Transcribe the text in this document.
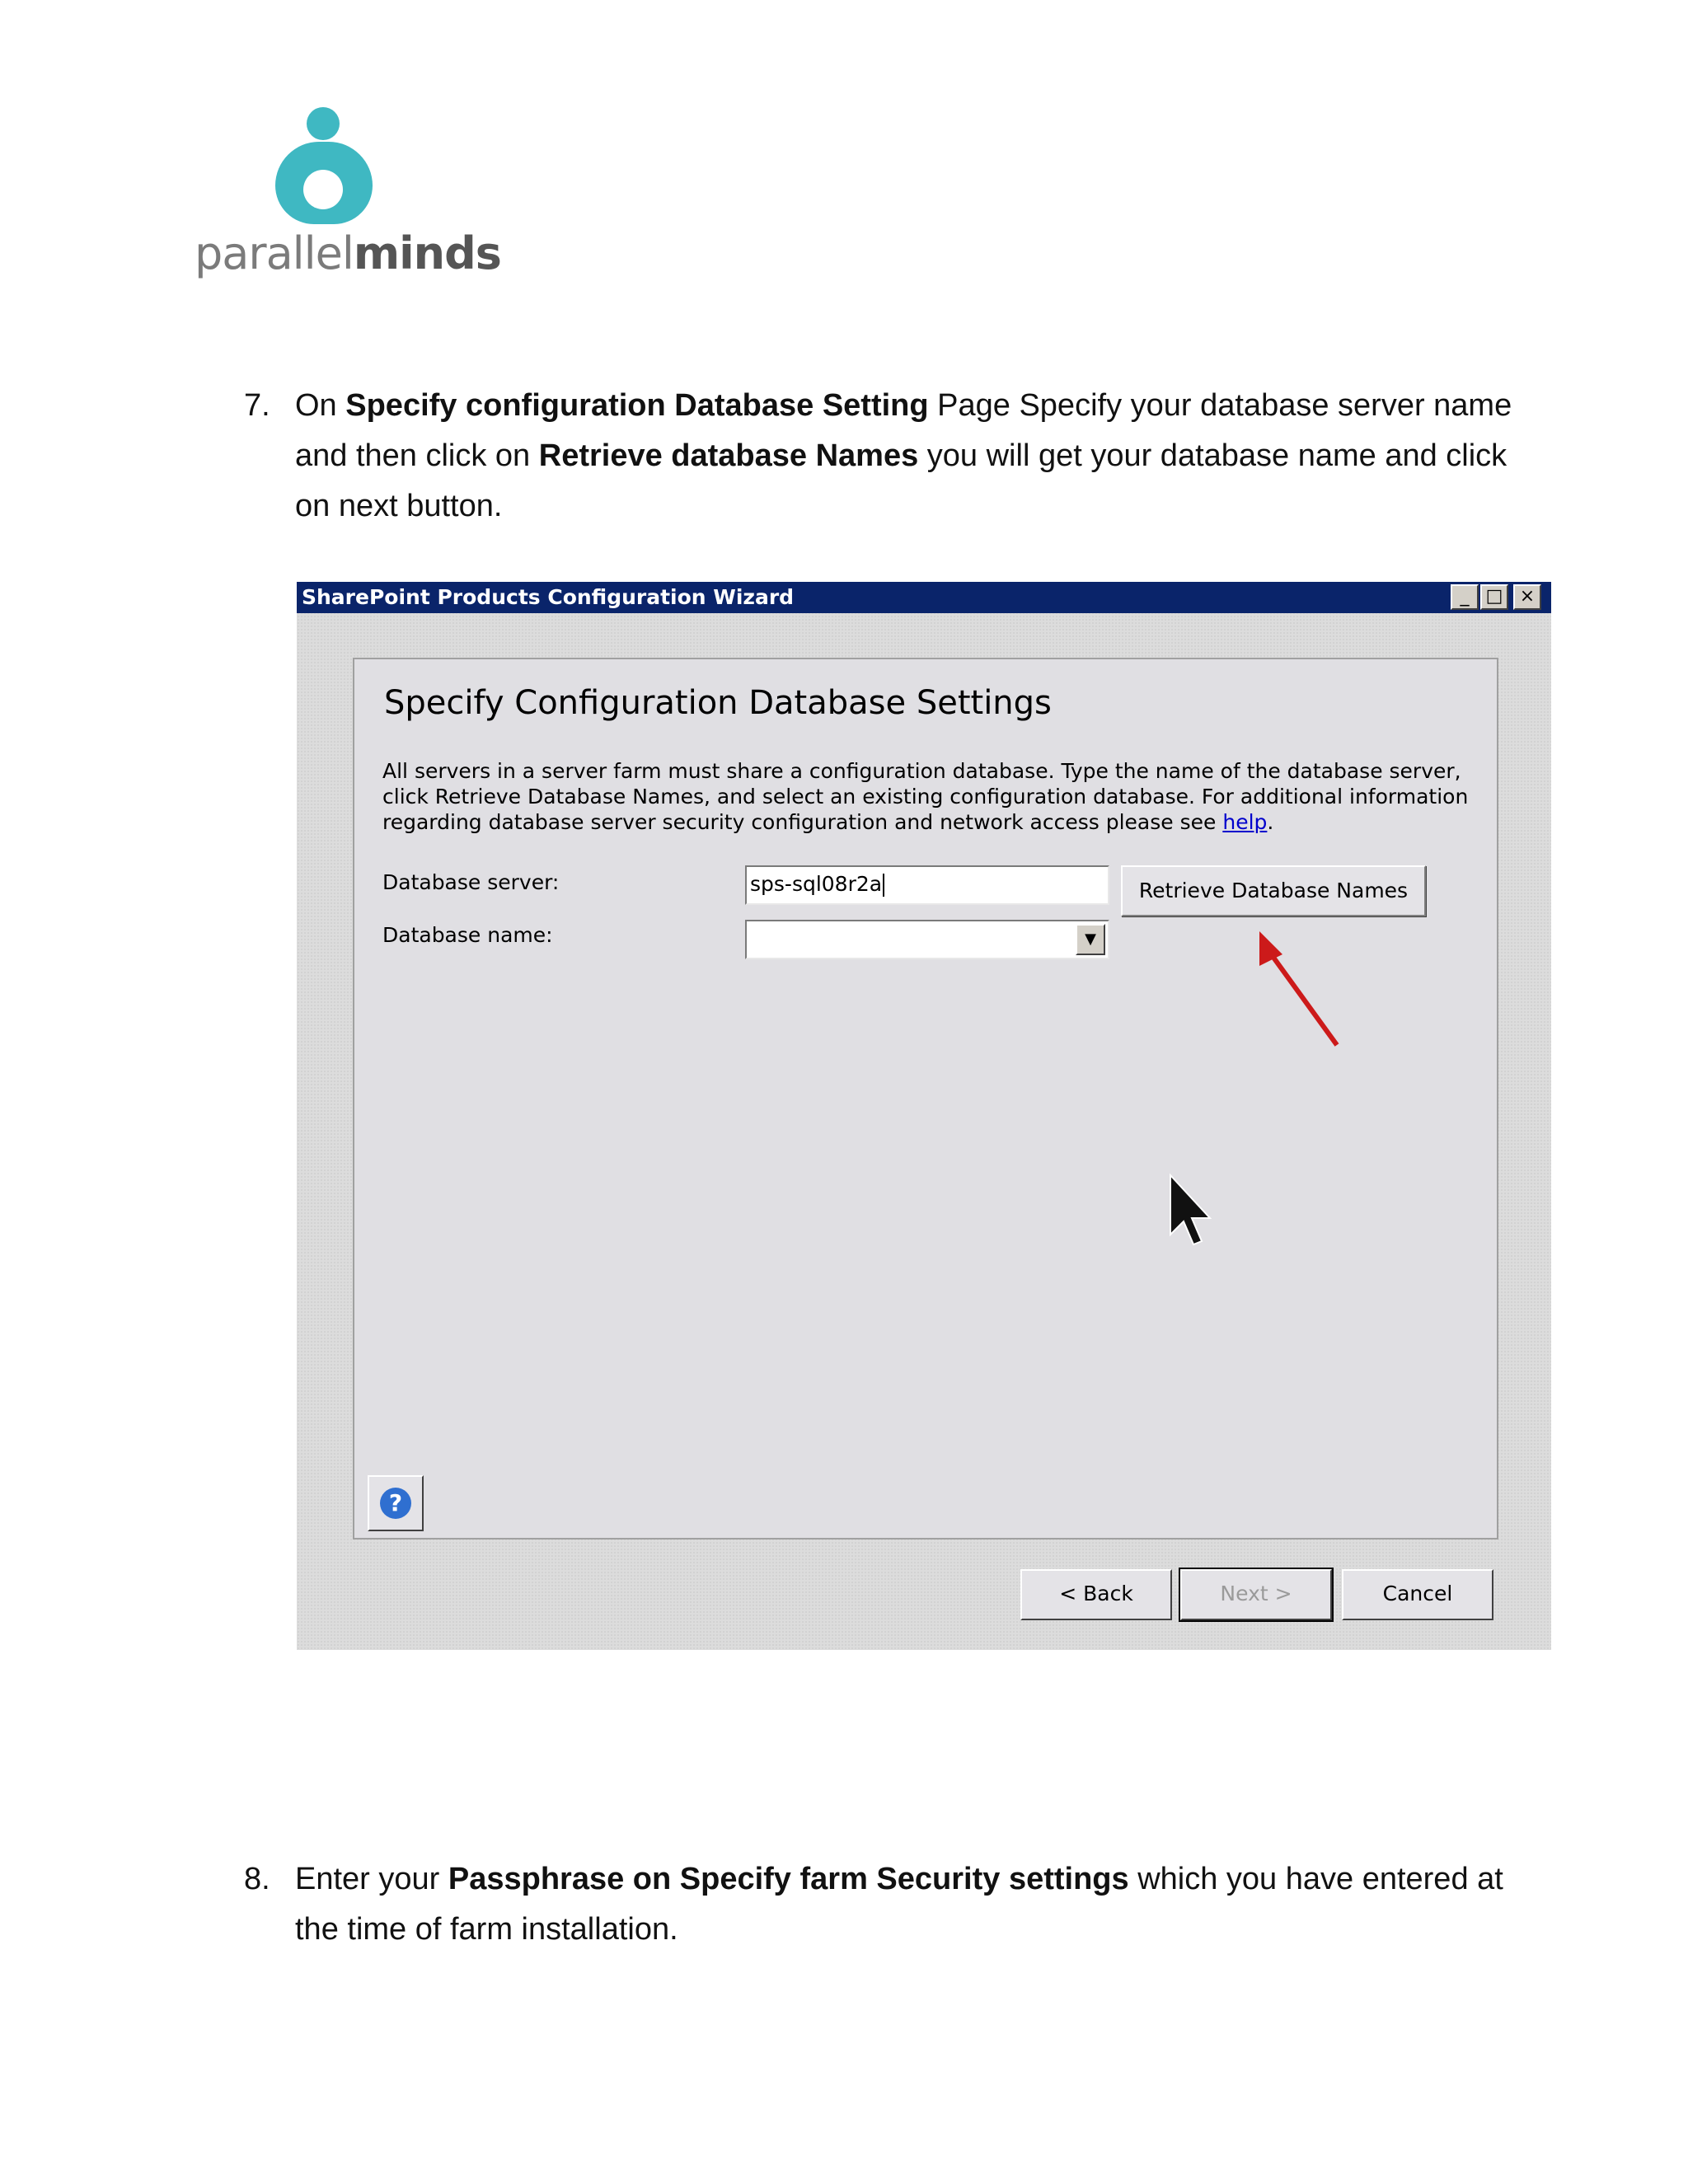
parallelminds
7. On Specify configuration Database Setting Page Specify your database server name and then click on Retrieve database Names you will get your database name and click on next button.
SharePoint Products Configuration Wizard	_ □ ×
Specify Configuration Database Settings
All servers in a server farm must share a configuration database. Type the name of the database server, click Retrieve Database Names, and select an existing configuration database. For additional information regarding database server security configuration and network access please see help.
Database server:	sps-sql08r2a	Retrieve Database Names
Database name:	▼
?
< Back	Next >	Cancel
8. Enter your Passphrase on Specify farm Security settings which you have entered at the time of farm installation.
